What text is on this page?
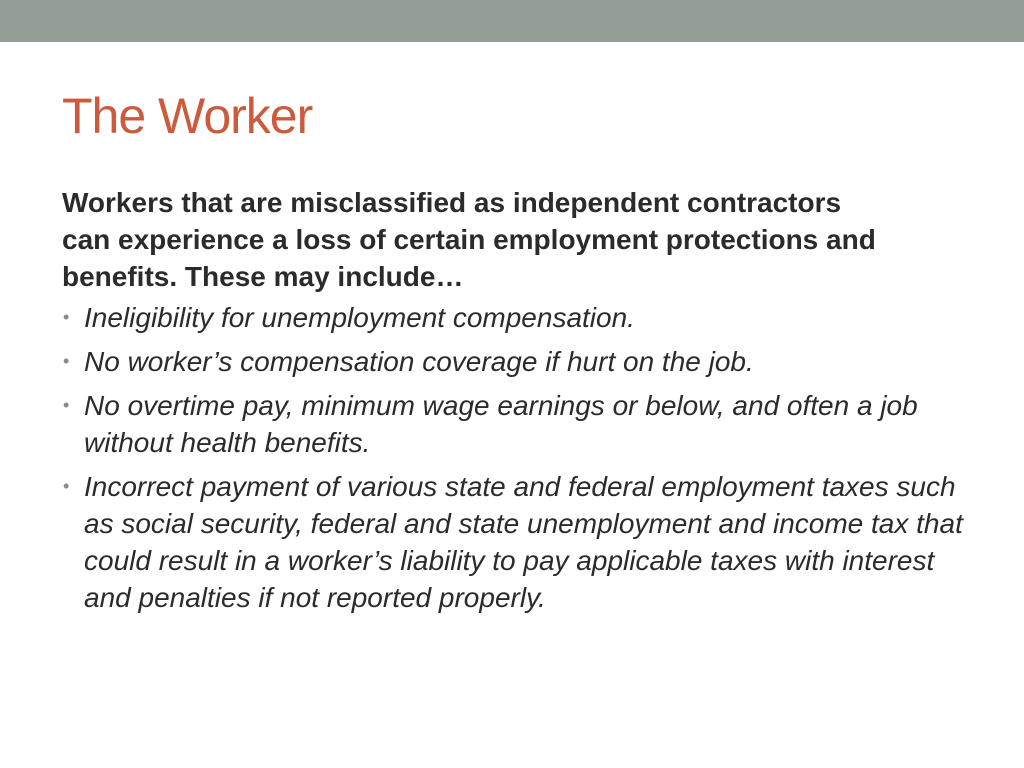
The Worker

Workers that are misclassified as independent contractors can experience a loss of certain employment protections and benefits. These may include…

• Ineligibility for unemployment compensation.
• No worker’s compensation coverage if hurt on the job.
• No overtime pay, minimum wage earnings or below, and often a job without health benefits.
• Incorrect payment of various state and federal employment taxes such as social security, federal and state unemployment and income tax that could result in a worker’s liability to pay applicable taxes with interest and penalties if not reported properly.
